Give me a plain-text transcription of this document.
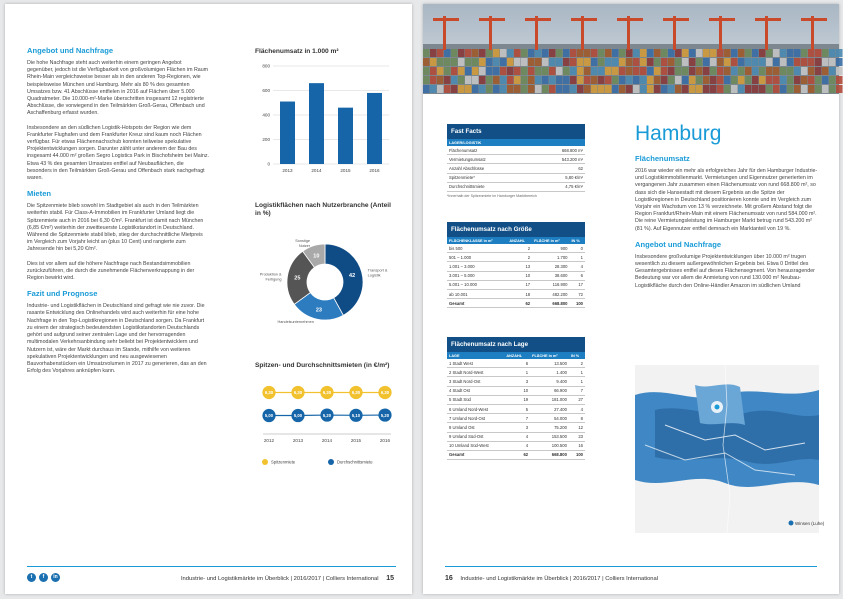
Angebot und Nachfrage

Die hohe Nachfrage steht auch weiterhin einem geringen Angebot gegenüber, jedoch ist die Verfügbarkeit von großvolumigen Flächen im Raum Rhein-Main vergleichsweise besser als in den anderen Top-Regionen, wie beispielsweise München und Hamburg. Mehr als 80 % des gesamten Umsatzes bzw. 41 Abschlüsse entfielen in 2016 auf Flächen über 5.000 Quadratmeter. Die 10.000-m²-Marke überschritten insgesamt 12 registrierte Abschlüsse, die vorwiegend in den Teilmärkten Groß-Gerau, Offenbach und Aschaffenburg erfasst wurden.

Insbesondere an den südlichen Logistik-Hotspots der Region wie dem Frankfurter Flughafen und dem Frankfurter Kreuz sind kaum noch Flächen verfügbar. Für etwas Flächennachschub konnten teilweise spekulative Projektentwicklungen sorgen. Darunter zählt unter anderem der Bau des insgesamt 44.000 m² großen Segro Logistics Park in Bischofsheim bei Mainz. Etwa 43 % des gesamten Umsatzes entfiel auf Neubauflächen, die besonders in den Teilmärkten Groß-Gerau und Offenbach stark nachgefragt waren.

Mieten

Die Spitzenmiete blieb sowohl im Stadtgebiet als auch in den Teilmärkten weiterhin stabil. Für Class-A-Immobilien im Frankfurter Umland liegt die Spitzenmiete auch in 2016 bei 6,30 €/m². Frankfurt ist damit nach München (6,85 €/m²) weiterhin der zweitteuerste Logistikstandort in Deutschland. Während die Spitzenmiete stabil blieb, stieg der durchschnittliche Mietpreis im Vergleich zum Vorjahr leicht an (plus 10 Cent) und rangierte zum Jahresende hin bei 5,20 €/m².

Dies ist vor allem auf die höhere Nachfrage nach Bestandsimmobilien zurückzuführen, die durch die zunehmende Flächenverknappung in der Region bewirkt wird.

Fazit und Prognose

Industrie- und Logistikflächen in Deutschland sind gefragt wie nie zuvor. Die rasante Entwicklung des Onlinehandels wird auch weiterhin für eine hohe Nachfrage in den Top-Logistikregionen in Deutschland sorgen. Da Frankfurt zu einem der strategisch bedeutendsten Logistikstandorten Deutschlands gehört und aufgrund seiner zentralen Lage und der hervorragenden multimodalen Verkehrsanbindung sehr beliebt bei Projektentwicklern und Nutzern ist, wäre der Markt durchaus im Stande, mithilfe von weiteren spekulativen Projektentwicklungen und neu ausgewiesenen Bauvorhabenstücken ein Umsatzvolumen in 2017 zu generieren, das an den Erfolg des Vorjahres anknüpfen kann.

Flächenumsatz in 1.000 m²
0
200
400
600
800
2013	2014	2015	2016
Logistikflächen nach Nutzerbranche (Anteil in %)
42
Transport &
Logistik
23
Handelsunternehmen
25
Produktion &
Fertigung
10
Sonstige
Nutzer
Spitzen- und Durchschnittsmieten (in €/m²)
6,30	6,30	6,30	6,30	6,30
5,00	5,00	5,20	5,10	5,20
2012	2013	2014	2015	2016
Spitzenmiete	Durchschnittsmiete
t	f	in	Industrie- und Logistikmärkte im Überblick | 2016/2017 | Colliers International 15
Fast Facts
LAGER/LOGISTIK	
Flächenumsatz	668.800 m²
Vermietungsumsatz	543.200 m²
Anzahl Abschlüsse	62
Spitzenmiete*	5,80 €/m²
Durchschnittsmiete	4,75 €/m²
*Innerhalb der Spitzenmiete im Hamburger Marktbereich
Flächenumsatz nach Größe
FLÄCHENKLASSE in m²	ANZAHL	FLÄCHE in m²	IN %
bis 500	2	900	0
501 – 1.000	2	1.700	1
1.001 – 3.000	13	28.300	4
3.001 – 5.000	10	38.600	6
5.001 – 10.000	17	116.900	17
ab 10.001	18	482.200	72
Gesamt	62	668.800	100
Flächenumsatz nach Lage
LAGE	ANZAHL	FLÄCHE in m²	IN %
1 Stadt West	6	13.500	2
2 Stadt Nord-West	1	1.400	1
3 Stadt Nord-Ost	3	9.400	1
4 Stadt Ost	10	66.900	7
5 Stadt Süd	19	181.000	27
6 Umland Nord-West	5	27.400	4
7 Umland Nord-Ost	7	54.000	8
8 Umland Ost	3	75.200	12
9 Umland Süd-Ost	4	153.500	23
10 Umland Süd-West	4	100.500	16
Gesamt	62	668.800	100
Hamburg
Flächenumsatz

2016 war wieder ein mehr als erfolgreiches Jahr für den Hamburger Industrie- und Logistikimmobilienmarkt. Vermietungen und Eigennutzer generierten im vergangenen Jahr zusammen einen Flächenumsatz von rund 668.800 m², so dass sich die Hansestadt mit diesem Ergebnis an die Spitze der Logistikregionen in Deutschland positionieren konnte und im Vergleich zum Vorjahr ein Wachstum von 13 % verzeichnete. Mit großem Abstand folgt die Region Frankfurt/Rhein-Main mit einem Flächenumsatz von rund 584.000 m². Die reine Vermietungsleistung im Hamburger Markt betrug rund 543.200 m² (81 %). Auf Eigennutzer entfiel demnach ein Marktanteil von 19 %.

Angebot und Nachfrage

Insbesondere großvolumige Projektentwicklungen über 10.000 m² trugen wesentlich zu diesem außergewöhnlichen Ergebnis bei. Etwa 0 Drittel des Gesamtergebnisses entfiel auf dieses Flächensegment. Von herausragender Bedeutung war vor allem die Anmietung von rund 130.000 m² Neubau-Logistikfläche durch den Online-Händler Amazon im südlichen Umland

Winsen (Luhe)
16 Industrie- und Logistikmärkte im Überblick | 2016/2017 | Colliers International
